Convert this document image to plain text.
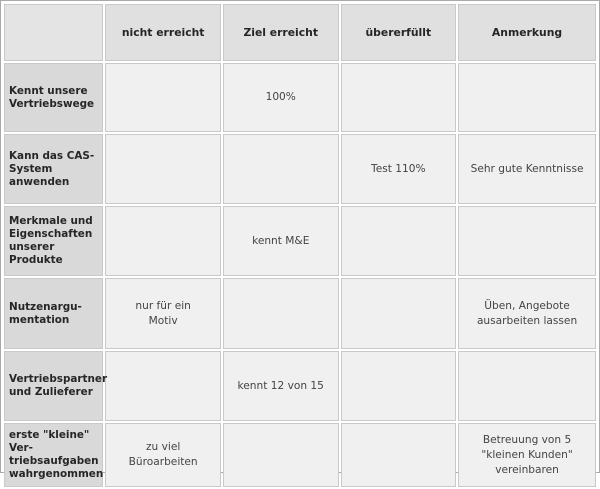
	nicht erreicht	Ziel erreicht	übererfüllt	Anmerkung
Kennt unsere
Vertriebswege		100%		
Kann das CAS-
System
anwenden			Test 110%	Sehr gute Kenntnisse
Merkmale und
Eigenschaften
unserer Produkte		kennt M&E		
Nutzenargu-
mentation	nur für ein
Motiv			Üben, Angebote
ausarbeiten lassen
Vertriebspartner
und Zulieferer		kennt 12 von 15		
erste "kleine" Ver-
triebsaufgaben
wahrgenommen	zu viel
Büroarbeiten			Betreuung von 5
"kleinen Kunden"
vereinbaren
